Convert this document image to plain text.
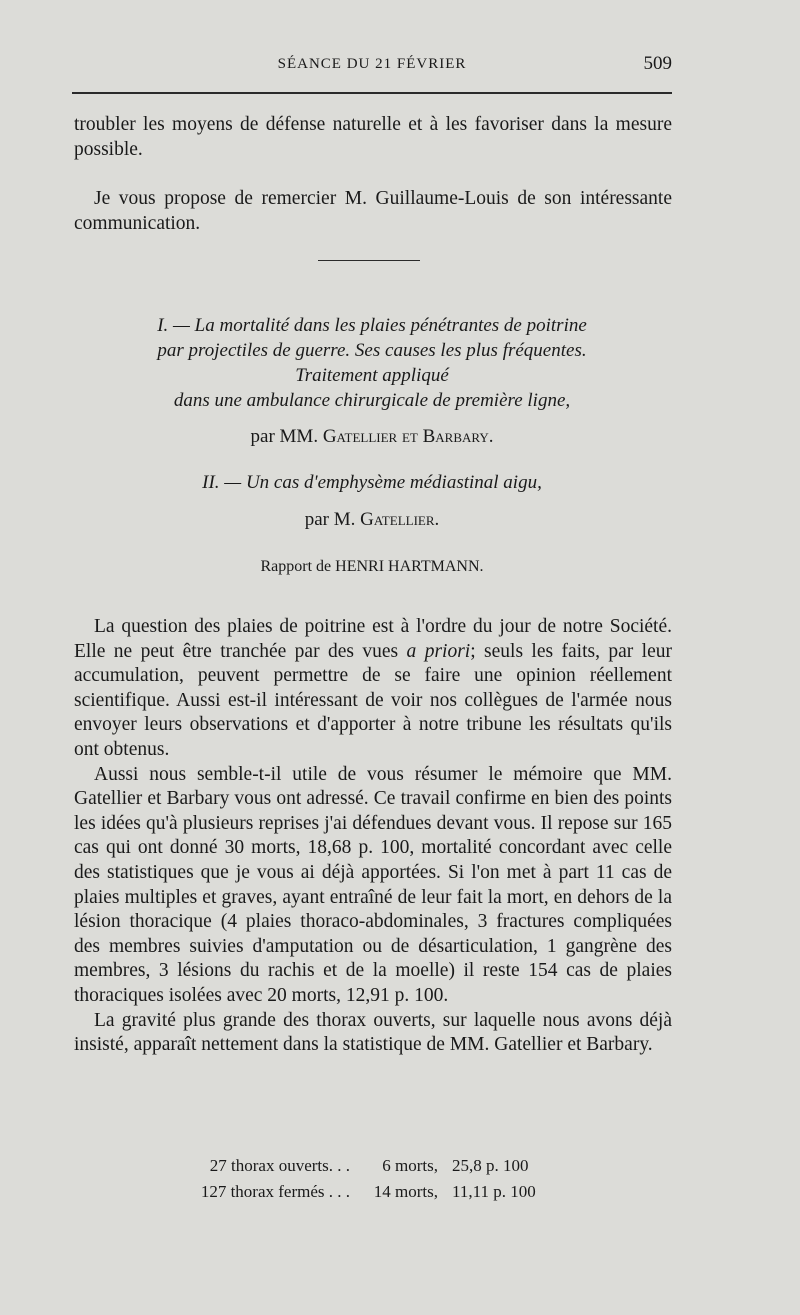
SÉANCE DU 21 FÉVRIER	509

troubler les moyens de défense naturelle et à les favoriser dans la mesure possible.

Je vous propose de remercier M. Guillaume-Louis de son intéressante communication.

I. — La mortalité dans les plaies pénétrantes de poitrine
par projectiles de guerre. Ses causes les plus fréquentes.
Traitement appliqué
dans une ambulance chirurgicale de première ligne,
par MM. Gatellier et Barbary.
II. — Un cas d'emphysème médiastinal aigu,
par M. Gatellier.
Rapport de HENRI HARTMANN.

La question des plaies de poitrine est à l'ordre du jour de notre Société. Elle ne peut être tranchée par des vues a priori; seuls les faits, par leur accumulation, peuvent permettre de se faire une opinion réellement scientifique. Aussi est-il intéressant de voir nos collègues de l'armée nous envoyer leurs observations et d'apporter à notre tribune les résultats qu'ils ont obtenus.

Aussi nous semble-t-il utile de vous résumer le mémoire que MM. Gatellier et Barbary vous ont adressé. Ce travail confirme en bien des points les idées qu'à plusieurs reprises j'ai défendues devant vous. Il repose sur 165 cas qui ont donné 30 morts, 18,68 p. 100, mortalité concordant avec celle des statistiques que je vous ai déjà apportées. Si l'on met à part 11 cas de plaies multiples et graves, ayant entraîné de leur fait la mort, en dehors de la lésion thoracique (4 plaies thoraco-abdominales, 3 fractures compliquées des membres suivies d'amputation ou de désarticulation, 1 gangrène des membres, 3 lésions du rachis et de la moelle) il reste 154 cas de plaies thoraciques isolées avec 20 morts, 12,91 p. 100.

La gravité plus grande des thorax ouverts, sur laquelle nous avons déjà insisté, apparaît nettement dans la statistique de MM. Gatellier et Barbary.

27 thorax ouverts. . . 6 morts, 25,8 p. 100
127 thorax fermés . . . 14 morts, 11,11 p. 100
